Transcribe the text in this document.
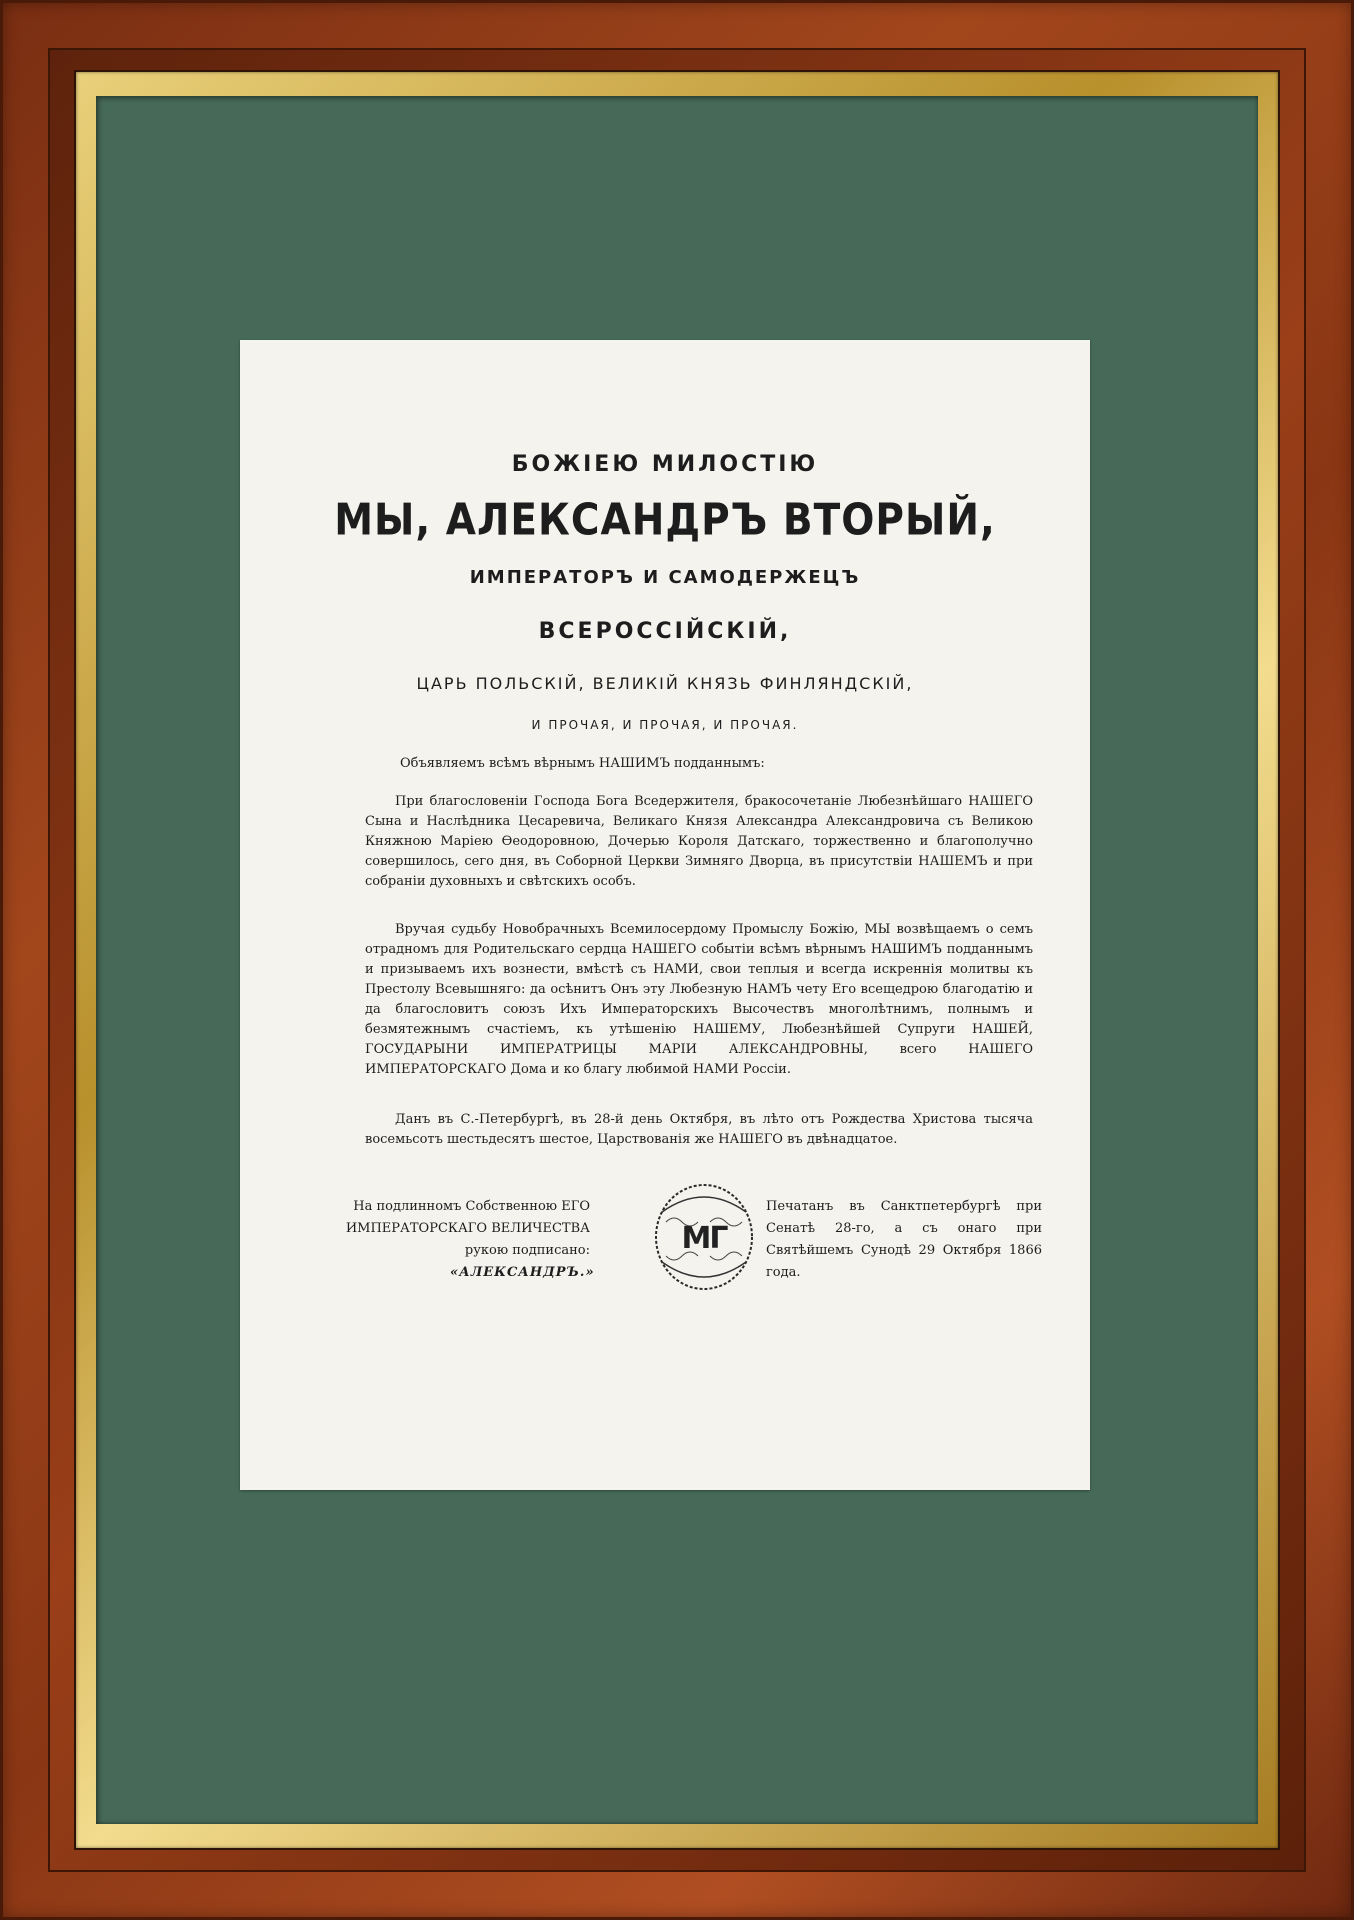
БОЖІЕЮ МИЛОСТІЮ
МЫ, АЛЕКСАНДРЪ ВТОРЫЙ,
ИМПЕРАТОРЪ И САМОДЕРЖЕЦЪ
ВСЕРОССІЙСКІЙ,
ЦАРЬ ПОЛЬСКІЙ, ВЕЛИКІЙ КНЯЗЬ ФИНЛЯНДСКІЙ,
И ПРОЧАЯ, И ПРОЧАЯ, И ПРОЧАЯ.
Объявляемъ всѣмъ вѣрнымъ НАШИМЪ подданнымъ:
При благословеніи Господа Бога Вседержителя, бракосочетаніе Любезнѣйшаго НАШЕГО Сына и Наслѣдника Цесаревича, Великаго Князя Александра Александровича съ Великою Княжною Маріею Ѳеодоровною, Дочерью Короля Датскаго, торжественно и благополучно совершилось, сего дня, въ Соборной Церкви Зимняго Дворца, въ присутствіи НАШЕМЪ и при собраніи духовныхъ и свѣтскихъ особъ.
Вручая судьбу Новобрачныхъ Всемилосердому Промыслу Божію, МЫ возвѣщаемъ о семъ отрадномъ для Родительскаго сердца НАШЕГО событіи всѣмъ вѣрнымъ НАШИМЪ подданнымъ и призываемъ ихъ вознести, вмѣстѣ съ НАМИ, свои теплыя и всегда искреннія молитвы къ Престолу Всевышняго: да осѣнитъ Онъ эту Любезную НАМЪ чету Его всещедрою благодатію и да благословитъ союзъ Ихъ Императорскихъ Высочествъ многолѣтнимъ, полнымъ и безмятежнымъ счастіемъ, къ утѣшенію НАШЕМУ, Любезнѣйшей Супруги НАШЕЙ, ГОСУДАРЫНИ ИМПЕРАТРИЦЫ МАРІИ АЛЕКСАНДРОВНЫ, всего НАШЕГО ИМПЕРАТОРСКАГО Дома и ко благу любимой НАМИ Россіи.
Данъ въ С.-Петербургѣ, въ 28-й день Октября, въ лѣто отъ Рождества Христова тысяча восемьсотъ шестьдесятъ шестое, Царствованія же НАШЕГО въ двѣнадцатое.
На подлинномъ Собственною ЕГО ИМПЕРАТОРСКАГО ВЕЛИЧЕСТВА рукою подписано:
«АЛЕКСАНДРЪ.»
МГ
Печатанъ въ Санктпетербургѣ при Сенатѣ 28-го, а съ онаго при Святѣйшемъ Сунодѣ 29 Октября 1866 года.
